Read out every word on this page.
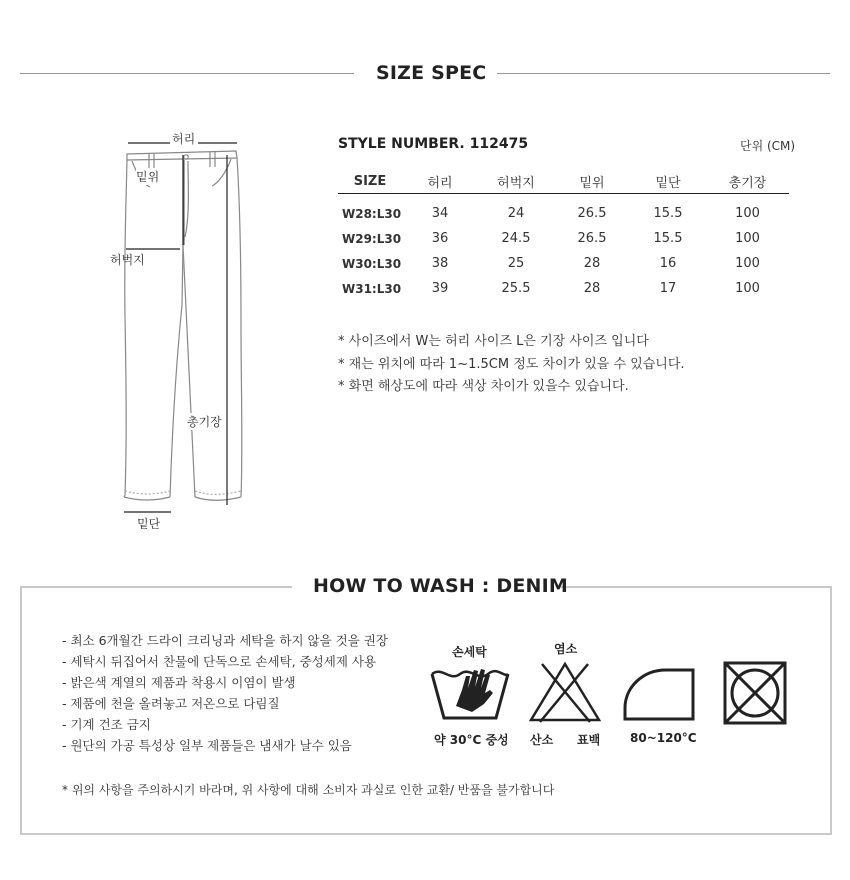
SIZE SPEC
허리
밑위
허벅지
총기장
밑단
STYLE NUMBER. 112475	단위 (CM)
SIZE	허리	허벅지	밑위	밑단	총기장
W28:L30	34	24	26.5	15.5	100
W29:L30	36	24.5	26.5	15.5	100
W30:L30	38	25	28	16	100
W31:L30	39	25.5	28	17	100
* 사이즈에서 W는 허리 사이즈 L은 기장 사이즈 입니다
* 재는 위치에 따라 1~1.5CM 정도 차이가 있을 수 있습니다.
* 화면 해상도에 따라 색상 차이가 있을수 있습니다.
HOW TO WASH : DENIM
- 최소 6개월간 드라이 크리닝과 세탁을 하지 않을 것을 권장
- 세탁시 뒤집어서 찬물에 단독으로 손세탁, 중성세제 사용
- 밝은색 계열의 제품과 착용시 이염이 발생
- 제품에 천을 올려놓고 저온으로 다림질
- 기계 건조 금지
- 원단의 가공 특성상 일부 제품들은 냄새가 날수 있음
손세탁
약 30°C 중성
염소
산소 표백 80~120°C
* 위의 사항을 주의하시기 바라며, 위 사항에 대해 소비자 과실로 인한 교환/ 반품을 불가합니다
